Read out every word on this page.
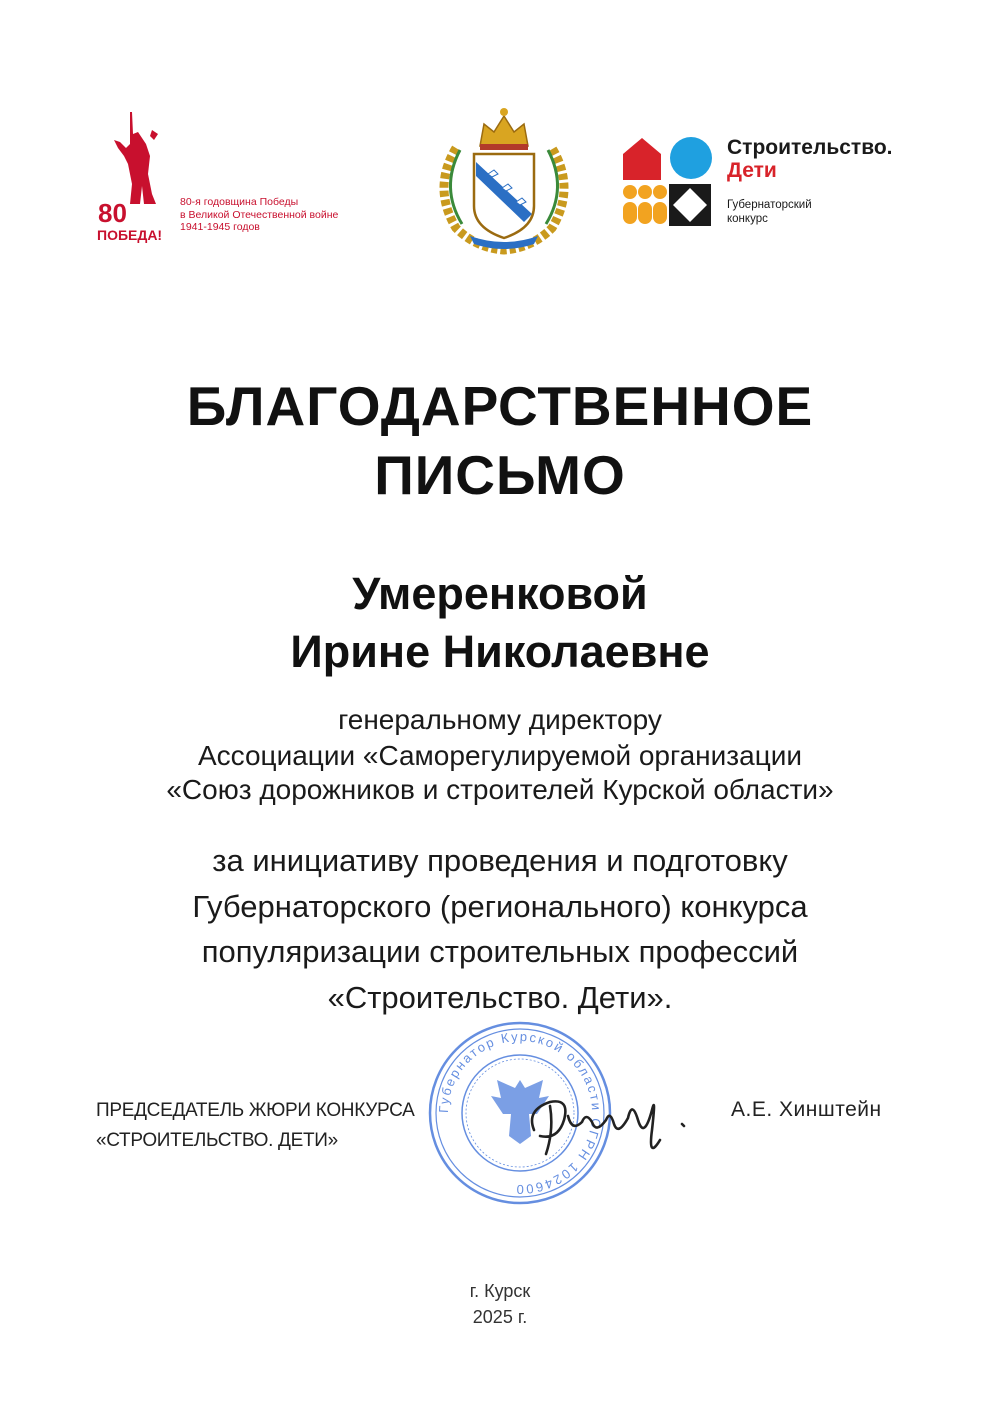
80
ПОБЕДА!
80-я годовщина Победы
в Великой Отечественной войне
1941-1945 годов
Строительство.
Дети
Губернаторский
конкурс
БЛАГОДАРСТВЕННОЕ
ПИСЬМО
Умеренковой
Ирине Николаевне
генеральному директору
Ассоциации «Саморегулируемой организации
«Союз дорожников и строителей Курской области»
за инициативу проведения и подготовку
Губернаторского (регионального) конкурса
популяризации строительных профессий
«Строительство. Дети».
Губернатор Курской области ОГРН 1024600
ПРЕДСЕДАТЕЛЬ ЖЮРИ КОНКУРСА
«СТРОИТЕЛЬСТВО. ДЕТИ»
А.Е. Хинштейн
г. Курск
2025 г.
